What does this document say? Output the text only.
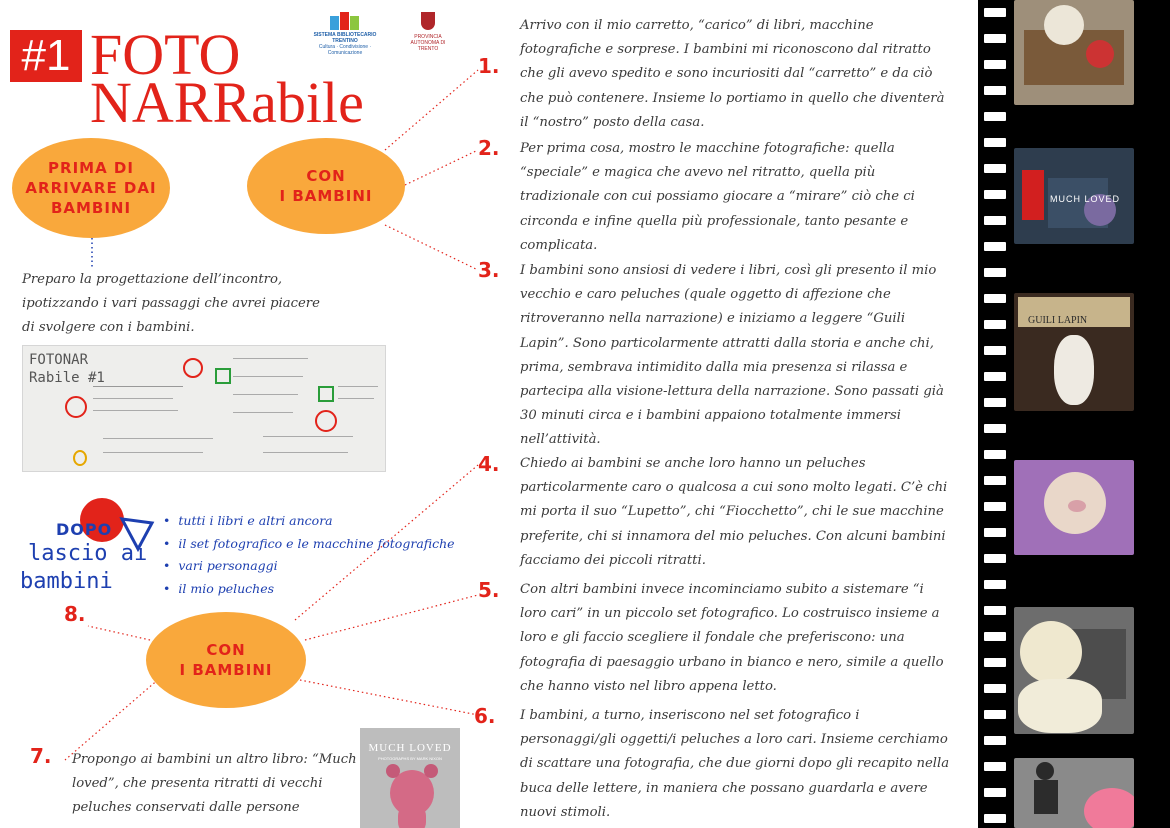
#1 FOTO
NARRabile
SISTEMA BIBLIOTECARIO TRENTINO
Cultura · Condivisione · Comunicazione
PROVINCIA AUTONOMA DI TRENTO
PRIMA DI
ARRIVARE DAI
BAMBINI
CON
I BAMBINI
CON
I BAMBINI
Preparo la progettazione dell’incontro, ipotizzando i vari passaggi che avrei piacere di svolgere con i bambini.
FOTONAR
Rabile #1
DOPO
lascio ai
bambini
• tutti i libri e altri ancora
• il set fotografico e le macchine fotografiche
• vari personaggi
• il mio peluches
1.
2.
3.
4.
5.
6.
7.
8.
Arrivo con il mio carretto, “carico” di libri, macchine fotografiche e sorprese. I bambini mi riconoscono dal ritratto che gli avevo spedito e sono incuriositi dal “carretto” e da ciò che può contenere. Insieme lo portiamo in quello che diventerà il “nostro” posto della casa.
Per prima cosa, mostro le macchine fotografiche: quella “speciale” e magica che avevo nel ritratto, quella più tradizionale con cui possiamo giocare a “mirare” ciò che ci circonda e infine quella più professionale, tanto pesante e complicata.
I bambini sono ansiosi di vedere i libri, così gli presento il mio vecchio e caro peluches (quale oggetto di affezione che ritroveranno nella narrazione) e iniziamo a leggere “Guili Lapin”. Sono particolarmente attratti dalla storia e anche chi, prima, sembrava intimidito dalla mia presenza si rilassa e partecipa alla visione-lettura della narrazione. Sono passati già 30 minuti circa e i bambini appaiono totalmente immersi nell’attività.
Chiedo ai bambini se anche loro hanno un peluches particolarmente caro o qualcosa a cui sono molto legati. C’è chi mi porta il suo “Lupetto”, chi “Fiocchetto”, chi le sue macchine preferite, chi si innamora del mio peluches. Con alcuni bambini facciamo dei piccoli ritratti.
Con altri bambini invece incominciamo subito a sistemare “i loro cari” in un piccolo set fotografico. Lo costruisco insieme a loro e gli faccio scegliere il fondale che preferiscono: una fotografia di paesaggio urbano in bianco e nero, simile a quello che hanno visto nel libro appena letto.
I bambini, a turno, inseriscono nel set fotografico i personaggi/gli oggetti/i peluches a loro cari. Insieme cerchiamo di scattare una fotografia, che due giorni dopo gli recapito nella buca delle lettere, in maniera che possano guardarla e avere nuovi stimoli.
Propongo ai bambini un altro libro: “Much loved”, che presenta ritratti di vecchi peluches conservati dalle persone
MUCH LOVED
PHOTOGRAPHS BY MARK NIXON
MUCH LOVED
GUILI LAPIN
